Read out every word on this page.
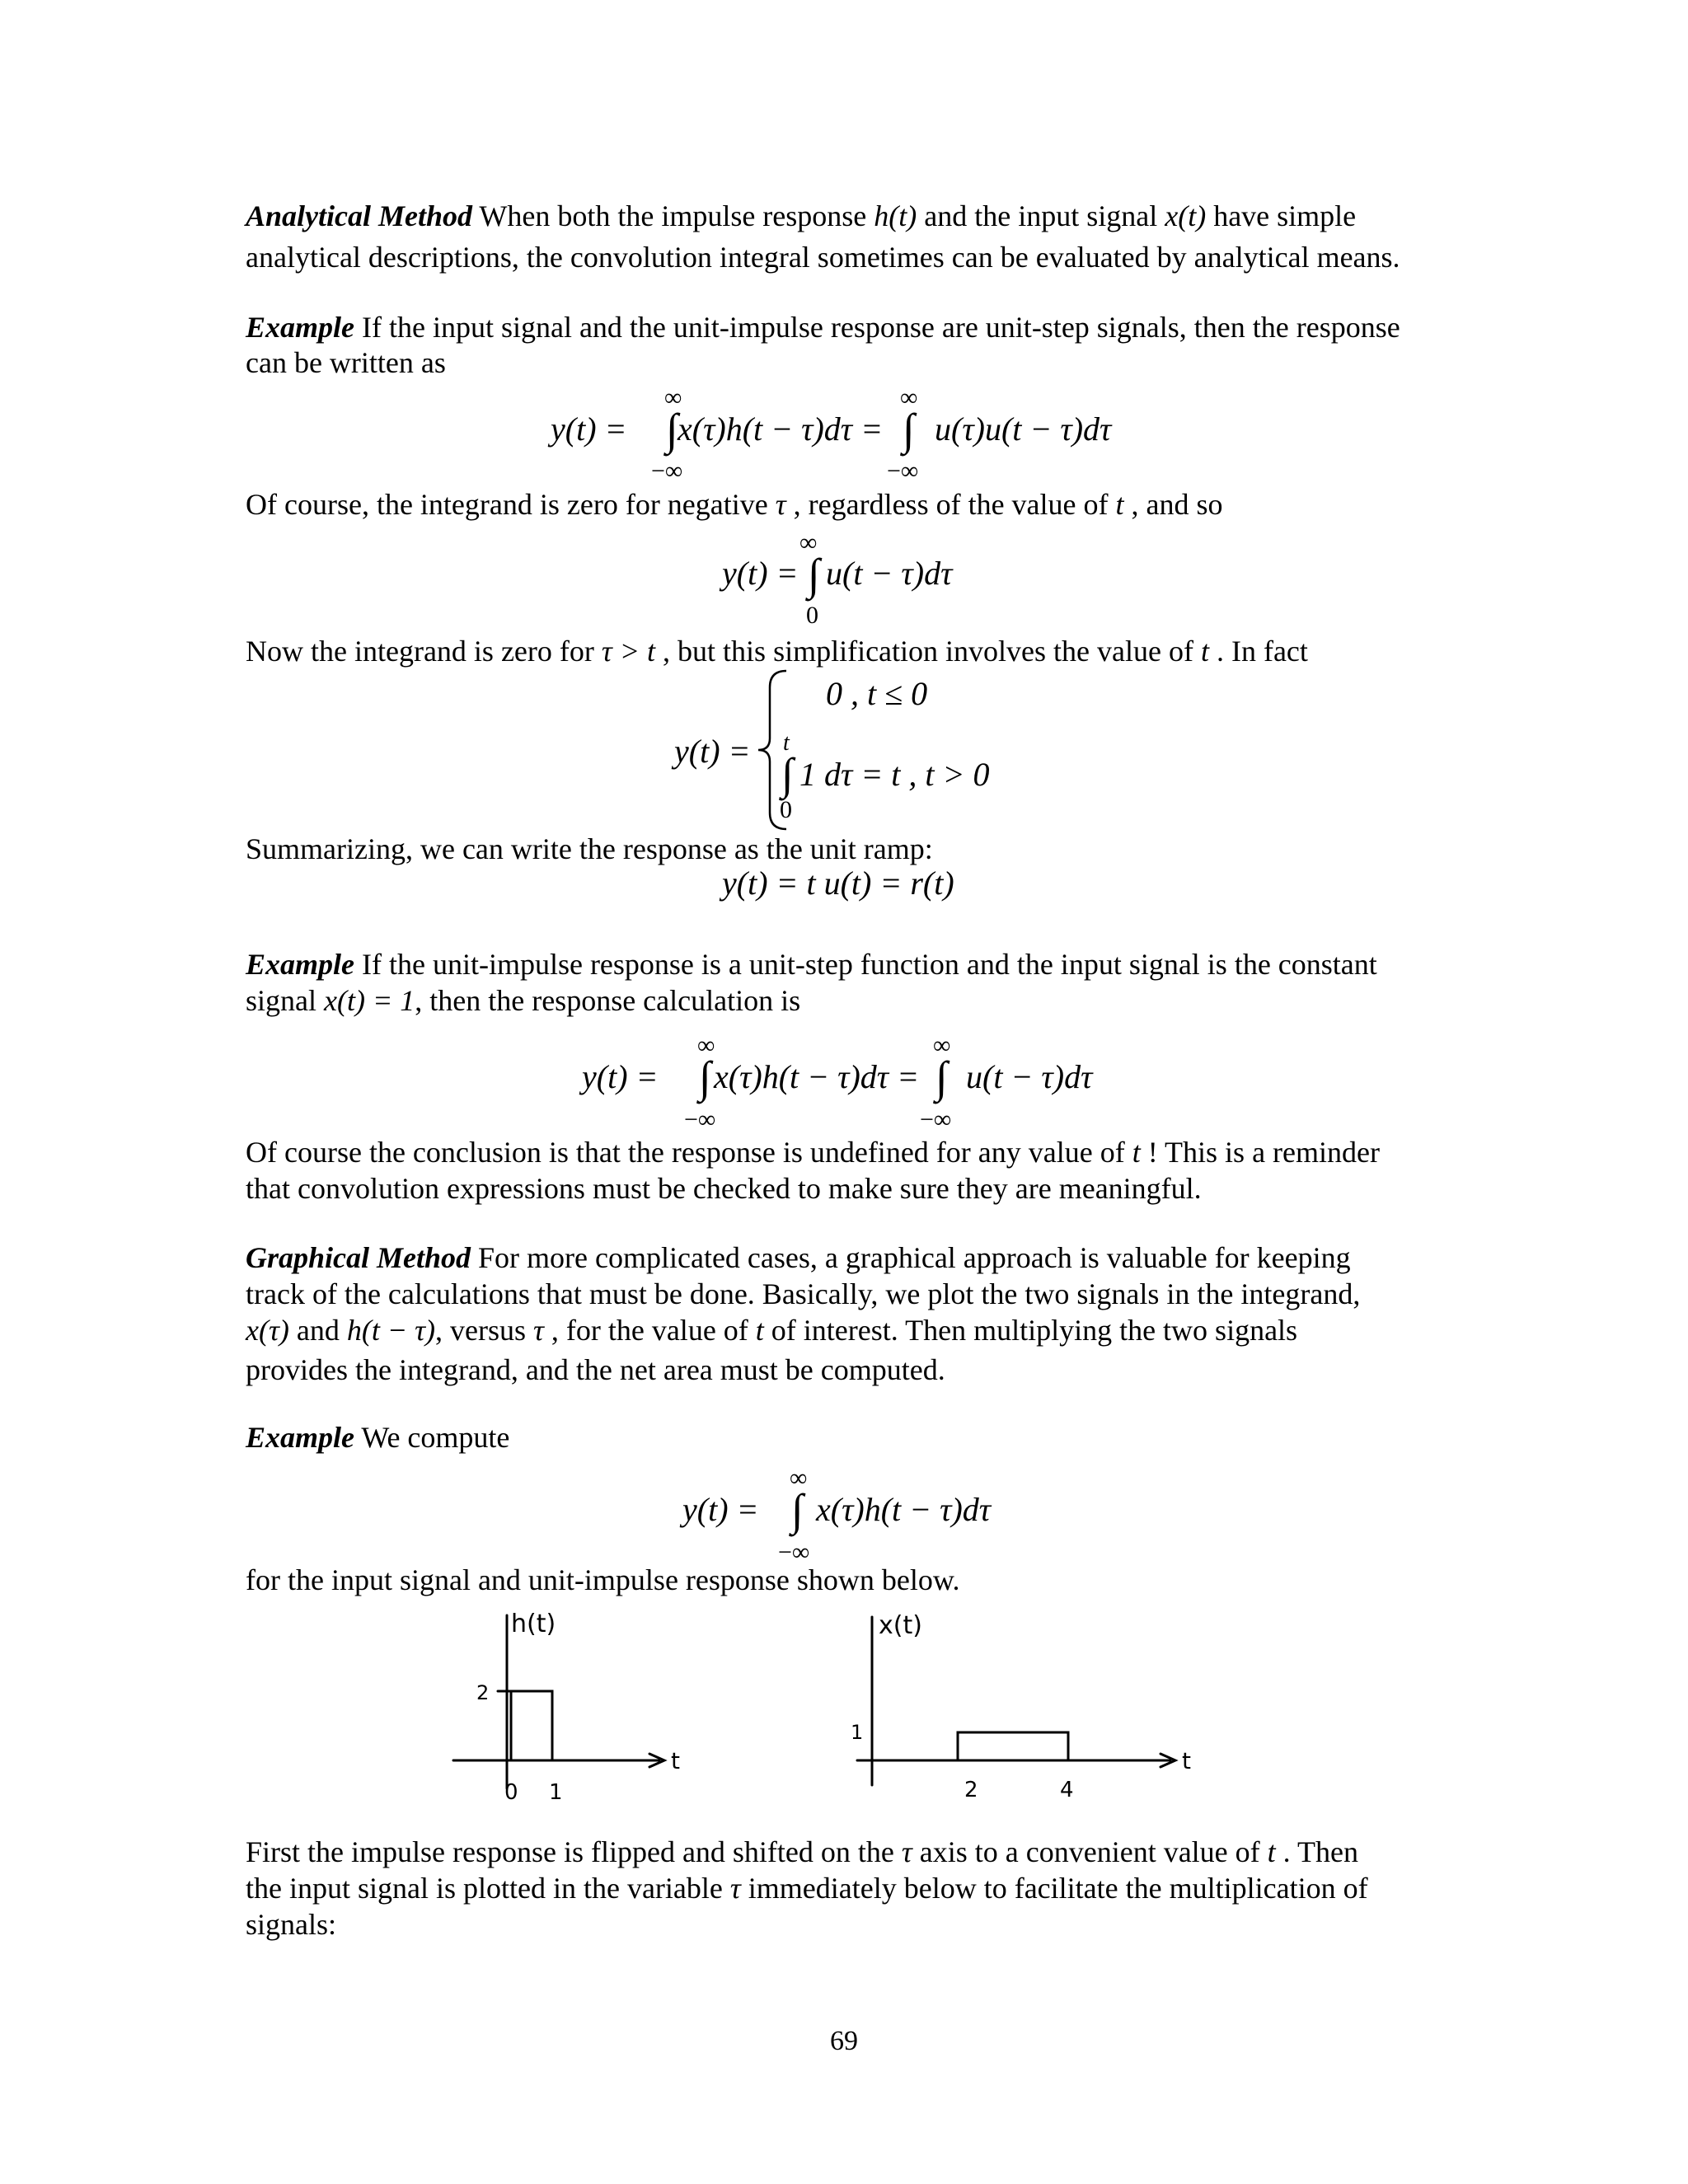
Analytical Method When both the impulse response h(t) and the input signal x(t) have simple
analytical descriptions, the convolution integral sometimes can be evaluated by analytical means.
Example If the input signal and the unit-impulse response are unit-step signals, then the response
can be written as
y(t) =
∞
∫
−∞
x(τ)h(t − τ)dτ =
∞
∫
−∞
u(τ)u(t − τ)dτ
Of course, the integrand is zero for negative τ , regardless of the value of t , and so
y(t) =
∞
∫
0
u(t − τ)dτ
Now the integrand is zero for τ > t , but this simplification involves the value of t . In fact
y(t) =
0 , t ≤ 0
t
∫
0
1 dτ = t , t > 0
Summarizing, we can write the response as the unit ramp:
y(t) = t u(t) = r(t)
Example If the unit-impulse response is a unit-step function and the input signal is the constant
signal x(t) = 1, then the response calculation is
y(t) =
∞
∫
−∞
x(τ)h(t − τ)dτ =
∞
∫
−∞
u(t − τ)dτ
Of course the conclusion is that the response is undefined for any value of t ! This is a reminder
that convolution expressions must be checked to make sure they are meaningful.
Graphical Method For more complicated cases, a graphical approach is valuable for keeping
track of the calculations that must be done. Basically, we plot the two signals in the integrand,
x(τ) and h(t − τ), versus τ , for the value of t of interest. Then multiplying the two signals
provides the integrand, and the net area must be computed.
Example We compute
y(t) =
∞
∫
−∞
x(τ)h(t − τ)dτ
for the input signal and unit-impulse response shown below.
h(t)
2
0 1
t
x(t)
1
2	4
t
First the impulse response is flipped and shifted on the τ axis to a convenient value of t . Then
the input signal is plotted in the variable τ immediately below to facilitate the multiplication of
signals:
69
